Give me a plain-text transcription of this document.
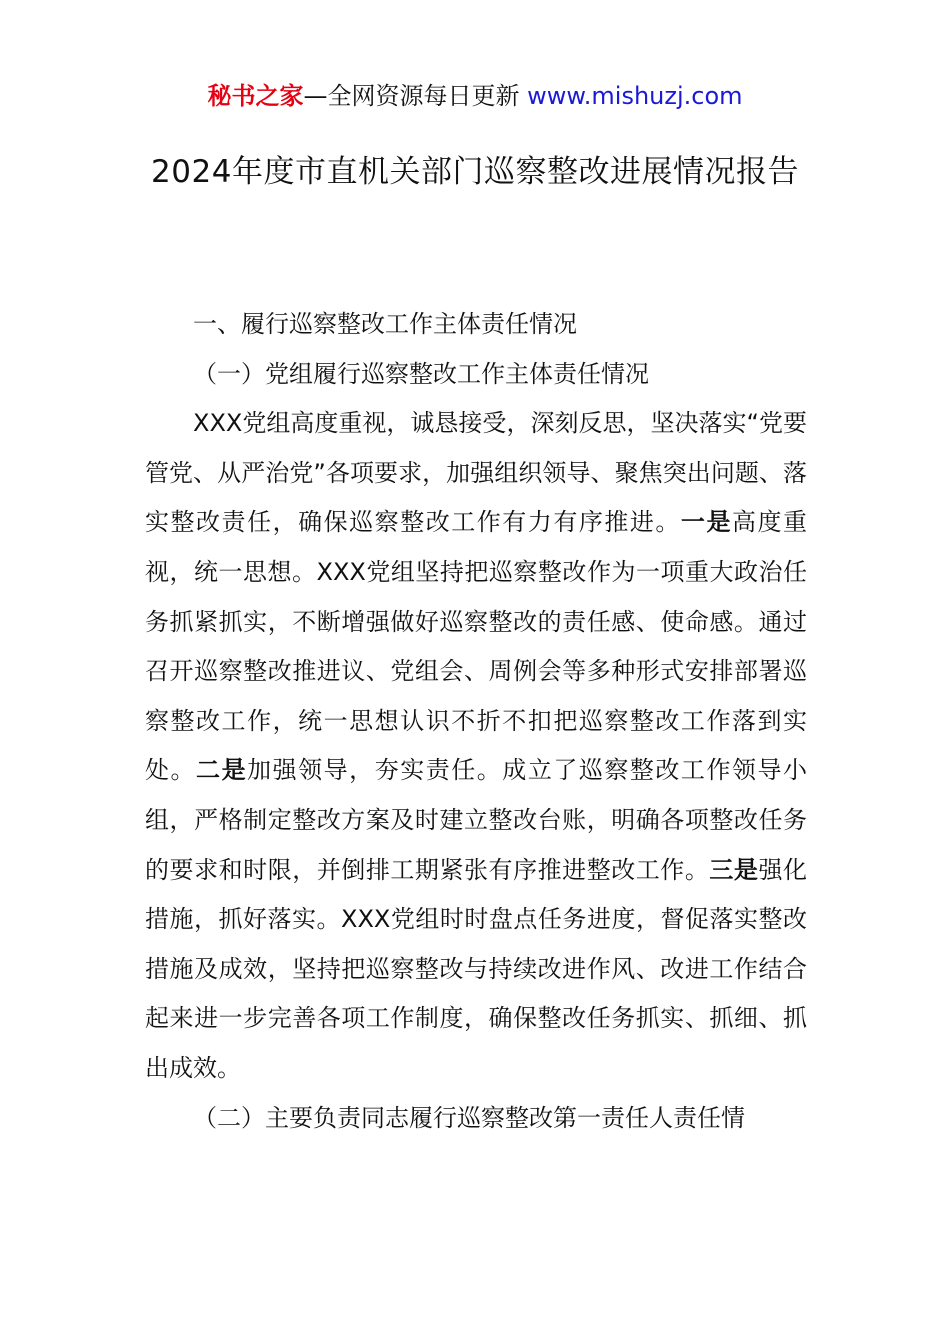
秘书之家—全网资源每日更新 www.mishuzj.com
2024年度市直机关部门巡察整改进展情况报告

一、履行巡察整改工作主体责任情况

（一）党组履行巡察整改工作主体责任情况

XXX党组高度重视，诚恳接受，深刻反思，坚决落实“党要管党、从严治党”各项要求，加强组织领导、聚焦突出问题、落实整改责任，确保巡察整改工作有力有序推进。一是高度重视，统一思想。XXX党组坚持把巡察整改作为一项重大政治任务抓紧抓实，不断增强做好巡察整改的责任感、使命感。通过召开巡察整改推进议、党组会、周例会等多种形式安排部署巡察整改工作，统一思想认识不折不扣把巡察整改工作落到实处。二是加强领导，夯实责任。成立了巡察整改工作领导小组，严格制定整改方案及时建立整改台账，明确各项整改任务的要求和时限，并倒排工期紧张有序推进整改工作。三是强化措施，抓好落实。XXX党组时时盘点任务进度，督促落实整改措施及成效，坚持把巡察整改与持续改进作风、改进工作结合起来进一步完善各项工作制度，确保整改任务抓实、抓细、抓出成效。

（二）主要负责同志履行巡察整改第一责任人责任情
